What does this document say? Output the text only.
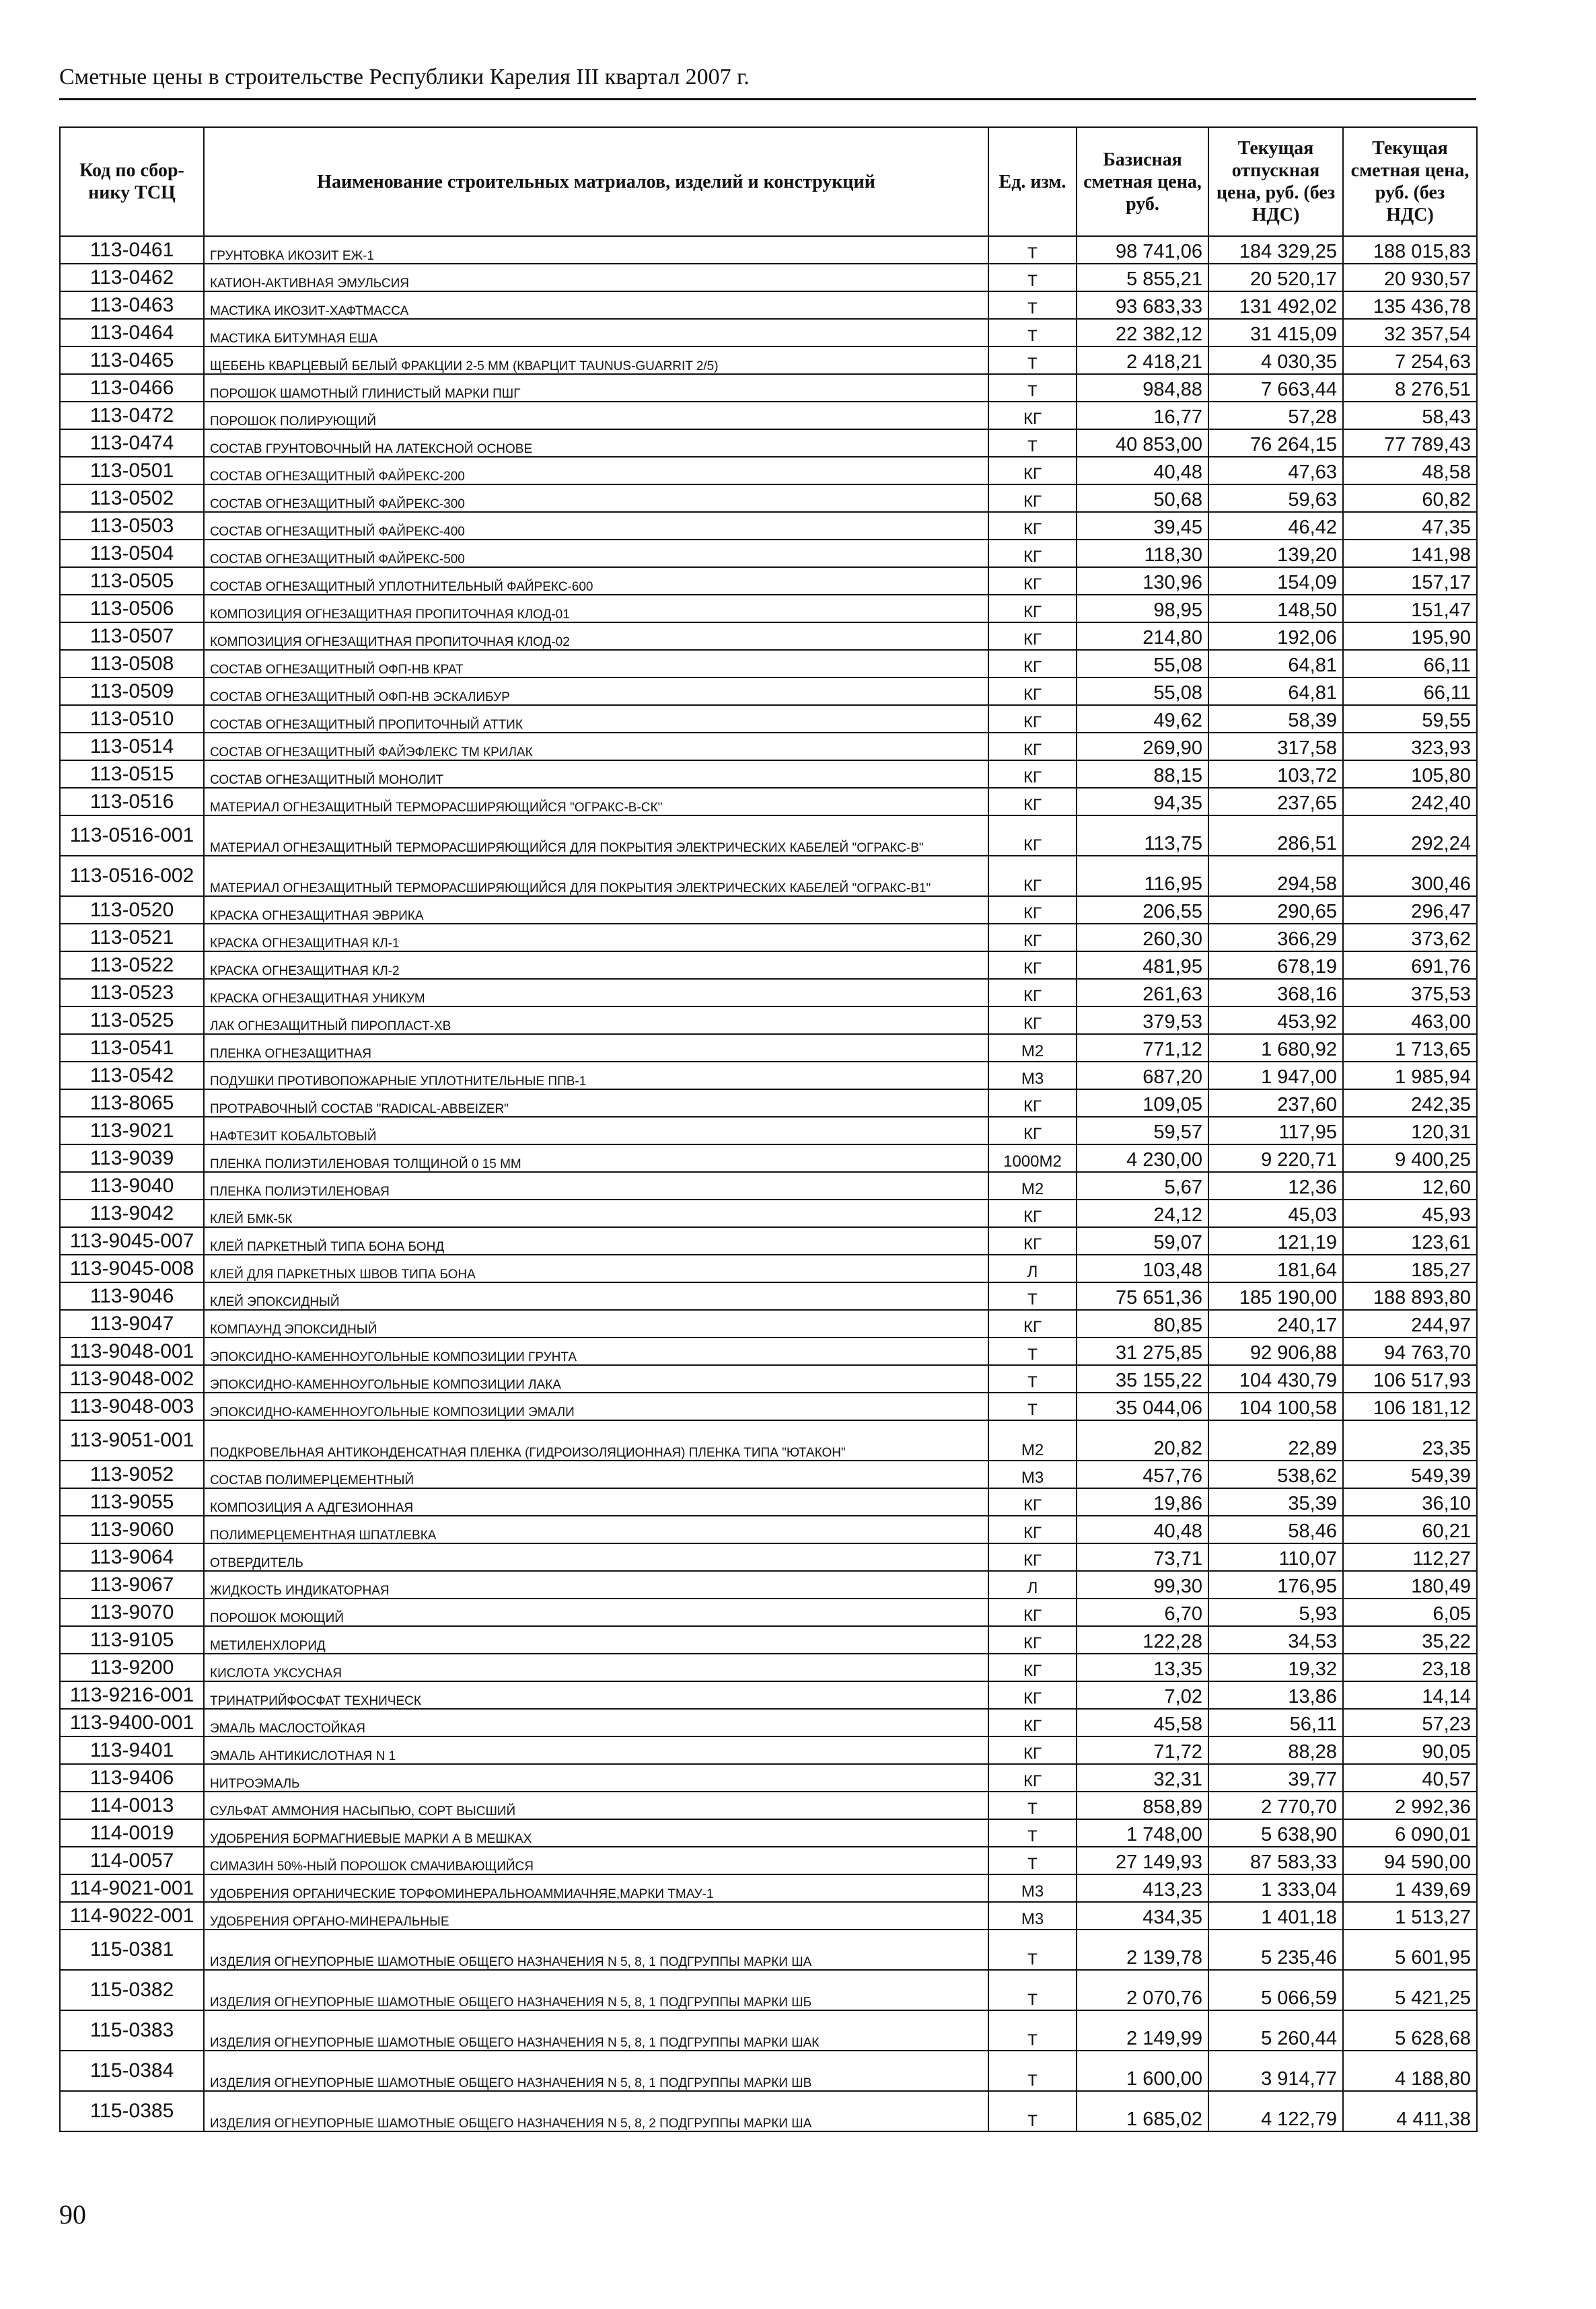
Сметные цены в строительстве Республики Карелия III квартал 2007 г.
Код по сбор-нику ТСЦ	Наименование строительных матриалов, изделий и конструкций	Ед. изм.	Базисная сметная цена, руб.	Текущая отпускная цена, руб. (без НДС)	Текущая сметная цена, руб. (без НДС)
113-0461	ГРУНТОВКА ИКОЗИТ ЕЖ-1	Т	98 741,06	184 329,25	188 015,83
113-0462	КАТИОН-АКТИВНАЯ ЭМУЛЬСИЯ	Т	5 855,21	20 520,17	20 930,57
113-0463	МАСТИКА ИКОЗИТ-ХАФТМАССА	Т	93 683,33	131 492,02	135 436,78
113-0464	МАСТИКА БИТУМНАЯ ЕША	Т	22 382,12	31 415,09	32 357,54
113-0465	ЩЕБЕНЬ КВАРЦЕВЫЙ БЕЛЫЙ ФРАКЦИИ 2-5 ММ (КВАРЦИТ TAUNUS-GUARRIT 2/5)	Т	2 418,21	4 030,35	7 254,63
113-0466	ПОРОШОК ШАМОТНЫЙ ГЛИНИСТЫЙ МАРКИ ПШГ	Т	984,88	7 663,44	8 276,51
113-0472	ПОРОШОК ПОЛИРУЮЩИЙ	КГ	16,77	57,28	58,43
113-0474	СОСТАВ ГРУНТОВОЧНЫЙ НА ЛАТЕКСНОЙ ОСНОВЕ	Т	40 853,00	76 264,15	77 789,43
113-0501	СОСТАВ ОГНЕЗАЩИТНЫЙ ФАЙРЕКС-200	КГ	40,48	47,63	48,58
113-0502	СОСТАВ ОГНЕЗАЩИТНЫЙ ФАЙРЕКС-300	КГ	50,68	59,63	60,82
113-0503	СОСТАВ ОГНЕЗАЩИТНЫЙ ФАЙРЕКС-400	КГ	39,45	46,42	47,35
113-0504	СОСТАВ ОГНЕЗАЩИТНЫЙ ФАЙРЕКС-500	КГ	118,30	139,20	141,98
113-0505	СОСТАВ ОГНЕЗАЩИТНЫЙ УПЛОТНИТЕЛЬНЫЙ ФАЙРЕКС-600	КГ	130,96	154,09	157,17
113-0506	КОМПОЗИЦИЯ ОГНЕЗАЩИТНАЯ ПРОПИТОЧНАЯ КЛОД-01	КГ	98,95	148,50	151,47
113-0507	КОМПОЗИЦИЯ ОГНЕЗАЩИТНАЯ ПРОПИТОЧНАЯ КЛОД-02	КГ	214,80	192,06	195,90
113-0508	СОСТАВ ОГНЕЗАЩИТНЫЙ ОФП-НВ КРАТ	КГ	55,08	64,81	66,11
113-0509	СОСТАВ ОГНЕЗАЩИТНЫЙ ОФП-НВ ЭСКАЛИБУР	КГ	55,08	64,81	66,11
113-0510	СОСТАВ ОГНЕЗАЩИТНЫЙ ПРОПИТОЧНЫЙ АТТИК	КГ	49,62	58,39	59,55
113-0514	СОСТАВ ОГНЕЗАЩИТНЫЙ ФАЙЭФЛЕКС ТМ КРИЛАК	КГ	269,90	317,58	323,93
113-0515	СОСТАВ ОГНЕЗАЩИТНЫЙ МОНОЛИТ	КГ	88,15	103,72	105,80
113-0516	МАТЕРИАЛ ОГНЕЗАЩИТНЫЙ ТЕРМОРАСШИРЯЮЩИЙСЯ "ОГРАКС-В-СК"	КГ	94,35	237,65	242,40
113-0516-001	МАТЕРИАЛ ОГНЕЗАЩИТНЫЙ ТЕРМОРАСШИРЯЮЩИЙСЯ ДЛЯ ПОКРЫТИЯ ЭЛЕКТРИЧЕСКИХ КАБЕЛЕЙ "ОГРАКС-В"	КГ	113,75	286,51	292,24
113-0516-002	МАТЕРИАЛ ОГНЕЗАЩИТНЫЙ ТЕРМОРАСШИРЯЮЩИЙСЯ ДЛЯ ПОКРЫТИЯ ЭЛЕКТРИЧЕСКИХ КАБЕЛЕЙ "ОГРАКС-В1"	КГ	116,95	294,58	300,46
113-0520	КРАСКА ОГНЕЗАЩИТНАЯ ЭВРИКА	КГ	206,55	290,65	296,47
113-0521	КРАСКА ОГНЕЗАЩИТНАЯ КЛ-1	КГ	260,30	366,29	373,62
113-0522	КРАСКА ОГНЕЗАЩИТНАЯ КЛ-2	КГ	481,95	678,19	691,76
113-0523	КРАСКА ОГНЕЗАЩИТНАЯ УНИКУМ	КГ	261,63	368,16	375,53
113-0525	ЛАК ОГНЕЗАЩИТНЫЙ ПИРОПЛАСТ-ХВ	КГ	379,53	453,92	463,00
113-0541	ПЛЕНКА ОГНЕЗАЩИТНАЯ	М2	771,12	1 680,92	1 713,65
113-0542	ПОДУШКИ ПРОТИВОПОЖАРНЫЕ УПЛОТНИТЕЛЬНЫЕ ППВ-1	М3	687,20	1 947,00	1 985,94
113-8065	ПРОТРАВОЧНЫЙ СОСТАВ "RADICAL-ABBEIZER"	КГ	109,05	237,60	242,35
113-9021	НАФТЕЗИТ КОБАЛЬТОВЫЙ	КГ	59,57	117,95	120,31
113-9039	ПЛЕНКА ПОЛИЭТИЛЕНОВАЯ ТОЛЩИНОЙ 0 15 ММ	1000М2	4 230,00	9 220,71	9 400,25
113-9040	ПЛЕНКА ПОЛИЭТИЛЕНОВАЯ	М2	5,67	12,36	12,60
113-9042	КЛЕЙ БМК-5К	КГ	24,12	45,03	45,93
113-9045-007	КЛЕЙ ПАРКЕТНЫЙ ТИПА БОНА БОНД	КГ	59,07	121,19	123,61
113-9045-008	КЛЕЙ ДЛЯ ПАРКЕТНЫХ ШВОВ ТИПА БОНА	Л	103,48	181,64	185,27
113-9046	КЛЕЙ ЭПОКСИДНЫЙ	Т	75 651,36	185 190,00	188 893,80
113-9047	КОМПАУНД ЭПОКСИДНЫЙ	КГ	80,85	240,17	244,97
113-9048-001	ЭПОКСИДНО-КАМЕННОУГОЛЬНЫЕ КОМПОЗИЦИИ ГРУНТА	Т	31 275,85	92 906,88	94 763,70
113-9048-002	ЭПОКСИДНО-КАМЕННОУГОЛЬНЫЕ КОМПОЗИЦИИ ЛАКА	Т	35 155,22	104 430,79	106 517,93
113-9048-003	ЭПОКСИДНО-КАМЕННОУГОЛЬНЫЕ КОМПОЗИЦИИ ЭМАЛИ	Т	35 044,06	104 100,58	106 181,12
113-9051-001	ПОДКРОВЕЛЬНАЯ АНТИКОНДЕНСАТНАЯ ПЛЕНКА (ГИДРОИЗОЛЯЦИОННАЯ) ПЛЕНКА ТИПА "ЮТАКОН"	М2	20,82	22,89	23,35
113-9052	СОСТАВ ПОЛИМЕРЦЕМЕНТНЫЙ	М3	457,76	538,62	549,39
113-9055	КОМПОЗИЦИЯ А АДГЕЗИОННАЯ	КГ	19,86	35,39	36,10
113-9060	ПОЛИМЕРЦЕМЕНТНАЯ ШПАТЛЕВКА	КГ	40,48	58,46	60,21
113-9064	ОТВЕРДИТЕЛЬ	КГ	73,71	110,07	112,27
113-9067	ЖИДКОСТЬ ИНДИКАТОРНАЯ	Л	99,30	176,95	180,49
113-9070	ПОРОШОК МОЮЩИЙ	КГ	6,70	5,93	6,05
113-9105	МЕТИЛЕНХЛОРИД	КГ	122,28	34,53	35,22
113-9200	КИСЛОТА УКСУСНАЯ	КГ	13,35	19,32	23,18
113-9216-001	ТРИНАТРИЙФОСФАТ ТЕХНИЧЕСК	КГ	7,02	13,86	14,14
113-9400-001	ЭМАЛЬ МАСЛОСТОЙКАЯ	КГ	45,58	56,11	57,23
113-9401	ЭМАЛЬ АНТИКИСЛОТНАЯ N 1	КГ	71,72	88,28	90,05
113-9406	НИТРОЭМАЛЬ	КГ	32,31	39,77	40,57
114-0013	СУЛЬФАТ АММОНИЯ НАСЫПЬЮ, СОРТ ВЫСШИЙ	Т	858,89	2 770,70	2 992,36
114-0019	УДОБРЕНИЯ БОРМАГНИЕВЫЕ МАРКИ А В МЕШКАХ	Т	1 748,00	5 638,90	6 090,01
114-0057	СИМАЗИН 50%-НЫЙ ПОРОШОК СМАЧИВАЮЩИЙСЯ	Т	27 149,93	87 583,33	94 590,00
114-9021-001	УДОБРЕНИЯ ОРГАНИЧЕСКИЕ ТОРФОМИНЕРАЛЬНОАММИАЧНЯЕ,МАРКИ ТМАУ-1	М3	413,23	1 333,04	1 439,69
114-9022-001	УДОБРЕНИЯ ОРГАНО-МИНЕРАЛЬНЫЕ	М3	434,35	1 401,18	1 513,27
115-0381	ИЗДЕЛИЯ ОГНЕУПОРНЫЕ ШАМОТНЫЕ ОБЩЕГО НАЗНАЧЕНИЯ N 5, 8, 1 ПОДГРУППЫ МАРКИ ША	Т	2 139,78	5 235,46	5 601,95
115-0382	ИЗДЕЛИЯ ОГНЕУПОРНЫЕ ШАМОТНЫЕ ОБЩЕГО НАЗНАЧЕНИЯ N 5, 8, 1 ПОДГРУППЫ МАРКИ ШБ	Т	2 070,76	5 066,59	5 421,25
115-0383	ИЗДЕЛИЯ ОГНЕУПОРНЫЕ ШАМОТНЫЕ ОБЩЕГО НАЗНАЧЕНИЯ N 5, 8, 1 ПОДГРУППЫ МАРКИ ШАК	Т	2 149,99	5 260,44	5 628,68
115-0384	ИЗДЕЛИЯ ОГНЕУПОРНЫЕ ШАМОТНЫЕ ОБЩЕГО НАЗНАЧЕНИЯ N 5, 8, 1 ПОДГРУППЫ МАРКИ ШВ	Т	1 600,00	3 914,77	4 188,80
115-0385	ИЗДЕЛИЯ ОГНЕУПОРНЫЕ ШАМОТНЫЕ ОБЩЕГО НАЗНАЧЕНИЯ N 5, 8, 2 ПОДГРУППЫ МАРКИ ША	Т	1 685,02	4 122,79	4 411,38
90
